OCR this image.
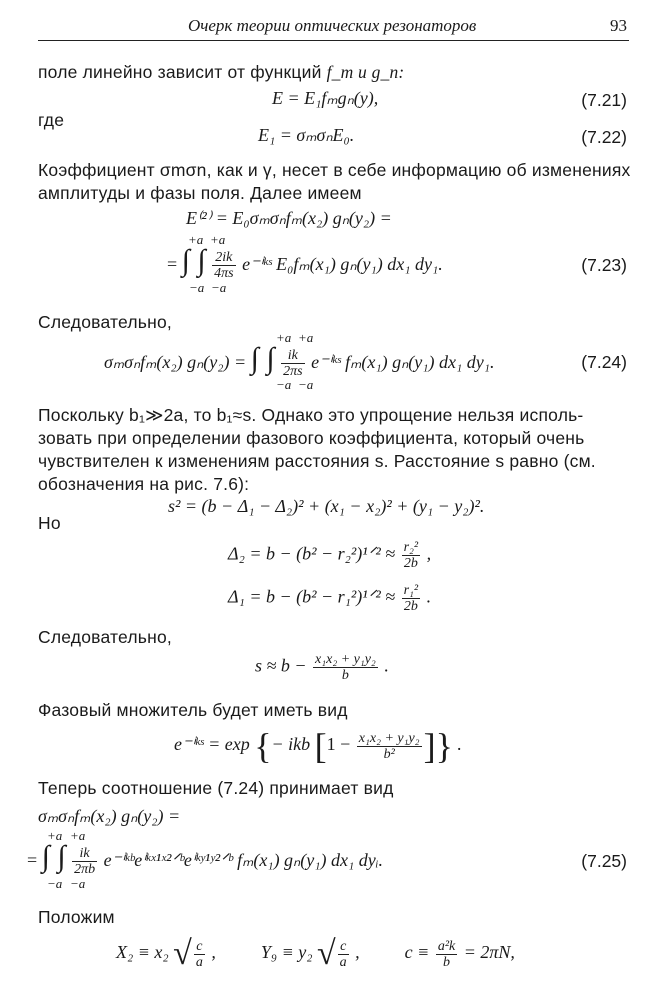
Очерк теории оптических резонаторов	93
поле линейно зависит от функций f_m и g_n:
E = E₁fₘgₙ(y),	(7.21)
где
E₁ = σₘσₙE₀.	(7.22)
Коэффициент σmσn, как и γ, несет в себе информацию об изменениях
амплитуды и фазы поля. Далее имеем
E⁽²⁾ = E₀σₘσₙfₘ(x₂) gₙ(y₂) =
+a +a
= ∫ ∫ $\frac{2ik}{4\pi s}$ e⁻ⁱᵏˢ E₀fₘ(x₁) gₙ(y₁) dx₁ dy₁.
−a −a
(7.23)
Следовательно,
+a +a
σₘσₙfₘ(x₂) gₙ(y₂) = ∫ ∫ $\frac{ik}{2\pi s}$ e⁻ⁱᵏˢ fₘ(x₁) gₙ(y₁) dx₁ dy₁.
−a −a
(7.24)
Поскольку b₁≫2a, то b₁≈s. Однако это упрощение нельзя исполь-
зовать при определении фазового коэффициента, который очень
чувствителен к изменениям расстояния s. Расстояние s равно (см.
обозначения на рис. 7.6):
s² = (b − Δ₁ − Δ₂)² + (x₁ − x₂)² + (y₁ − y₂)².
Но
Δ₂ = b − (b² − r₂²)¹ᐟ² ≈ $\frac{\text{r₂²}}{2b}$ ,
Δ₁ = b − (b² − r₁²)¹ᐟ² ≈ $\frac{\text{r₁²}}{2b}$ .
Следовательно,
$s \approx b - \frac{\text{x₁x₂ + y₁y₂}}{b}$ .
Фазовый множитель будет иметь вид
e⁻ⁱᵏˢ = exp {− ikb [$1 - \frac{\text{x₁x₂ + y₁y₂}}{\text{b²}}$ ]} .
Теперь соотношение (7.24) принимает вид
σₘσₙfₘ(x₂) gₙ(y₂) =
+a +a
= ∫ ∫ $\frac{ik}{2\pi b}$ e⁻ⁱᵏᵇeⁱᵏˣ¹ˣ²ᐟᵇeⁱᵏʸ¹ʸ²ᐟᵇ fₘ(x₁) gₙ(y₁) dx₁ dyᵢ.
−a −a
(7.25)
Положим
X₂ ≡ x₂ √ $\frac{c}{a}$ ,  Y₉ ≡ y₂ √ $\frac{c}{a}$ ,  $c \equiv \frac{\text{a²k}}{b} = 2\pi N$,
